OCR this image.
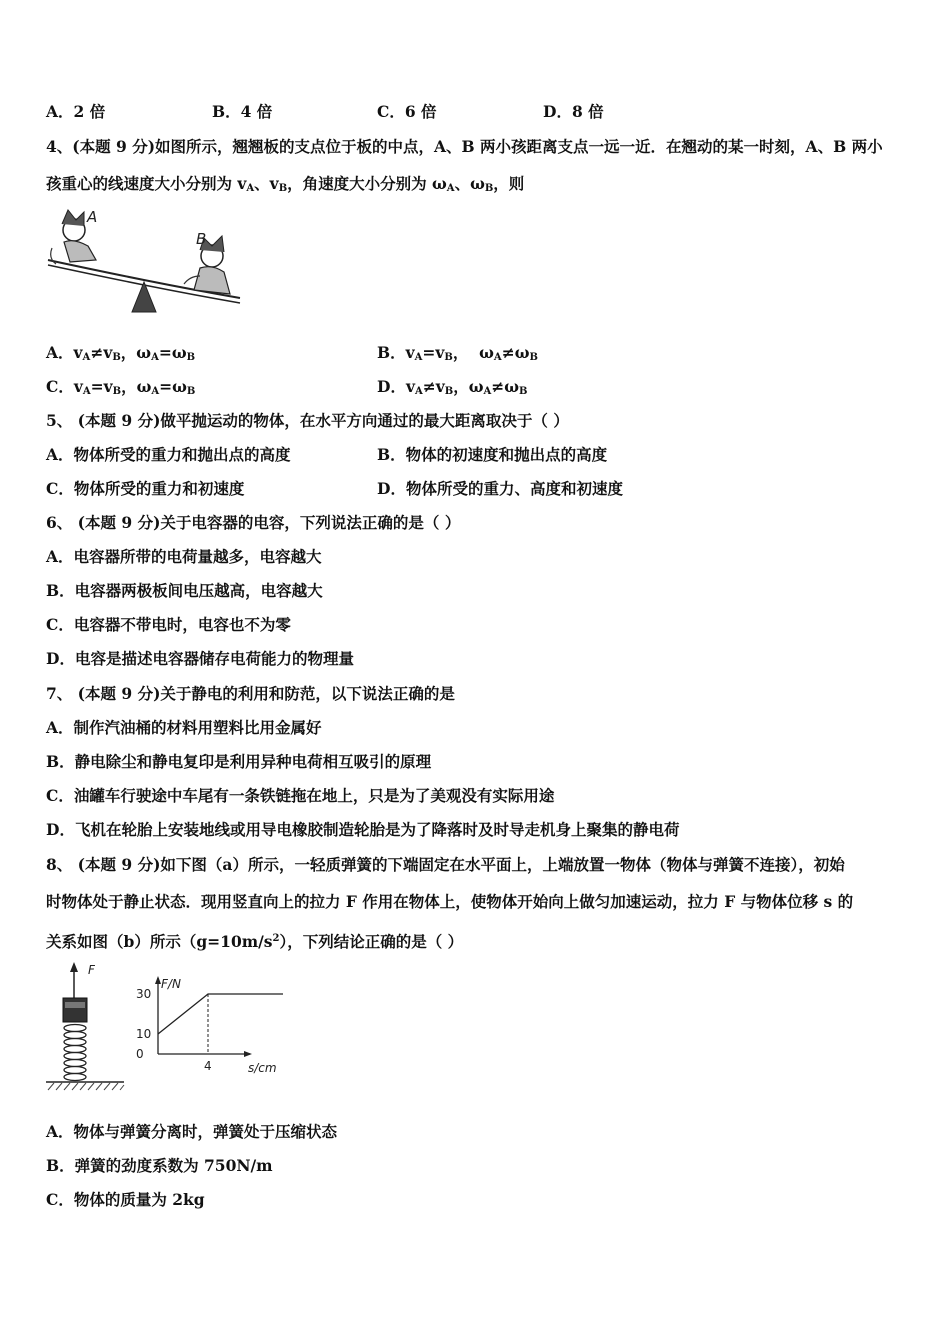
A．2 倍	B．4 倍	C．6 倍	D．8 倍
4、(本题 9 分)如图所示，翘翘板的支点位于板的中点，A、B 两小孩距离支点一远一近．在翘动的某一时刻，A、B 两小
孩重心的线速度大小分别为 $v_A$、$v_B$，角速度大小分别为 $\omega_A$、$\omega_B$，则
A
B
A．$v_A\ne v_B$，$\omega_A=\omega_B$	B．$v_A=v_B$，  $\omega_A\ne\omega_B$
C．$v_A=v_B$，$\omega_A=\omega_B$	D．$v_A\ne v_B$，$\omega_A\ne\omega_B$
5、 (本题 9 分)做平抛运动的物体，在水平方向通过的最大距离取决于（ ）
A．物体所受的重力和抛出点的高度	B．物体的初速度和抛出点的高度
C．物体所受的重力和初速度	D．物体所受的重力、高度和初速度
6、 (本题 9 分)关于电容器的电容，下列说法正确的是（ ）
A．电容器所带的电荷量越多，电容越大
B．电容器两极板间电压越高，电容越大
C．电容器不带电时，电容也不为零
D．电容是描述电容器储存电荷能力的物理量
7、 (本题 9 分)关于静电的利用和防范，以下说法正确的是
A．制作汽油桶的材料用塑料比用金属好
B．静电除尘和静电复印是利用异种电荷相互吸引的原理
C．油罐车行驶途中车尾有一条铁链拖在地上，只是为了美观没有实际用途
D．飞机在轮胎上安装地线或用导电橡胶制造轮胎是为了降落时及时导走机身上聚集的静电荷
8、 (本题 9 分)如下图（a）所示，一轻质弹簧的下端固定在水平面上，上端放置一物体（物体与弹簧不连接），初始
时物体处于静止状态．现用竖直向上的拉力 F 作用在物体上，使物体开始向上做匀加速运动，拉力 F 与物体位移 s 的
关系如图（b）所示$(g=10m/s^2)$，下列结论正确的是（ ）
F
F/N
s/cm
30
10
0
4
A．物体与弹簧分离时，弹簧处于压缩状态
B．弹簧的劲度系数为 750N/m
C．物体的质量为 2kg
